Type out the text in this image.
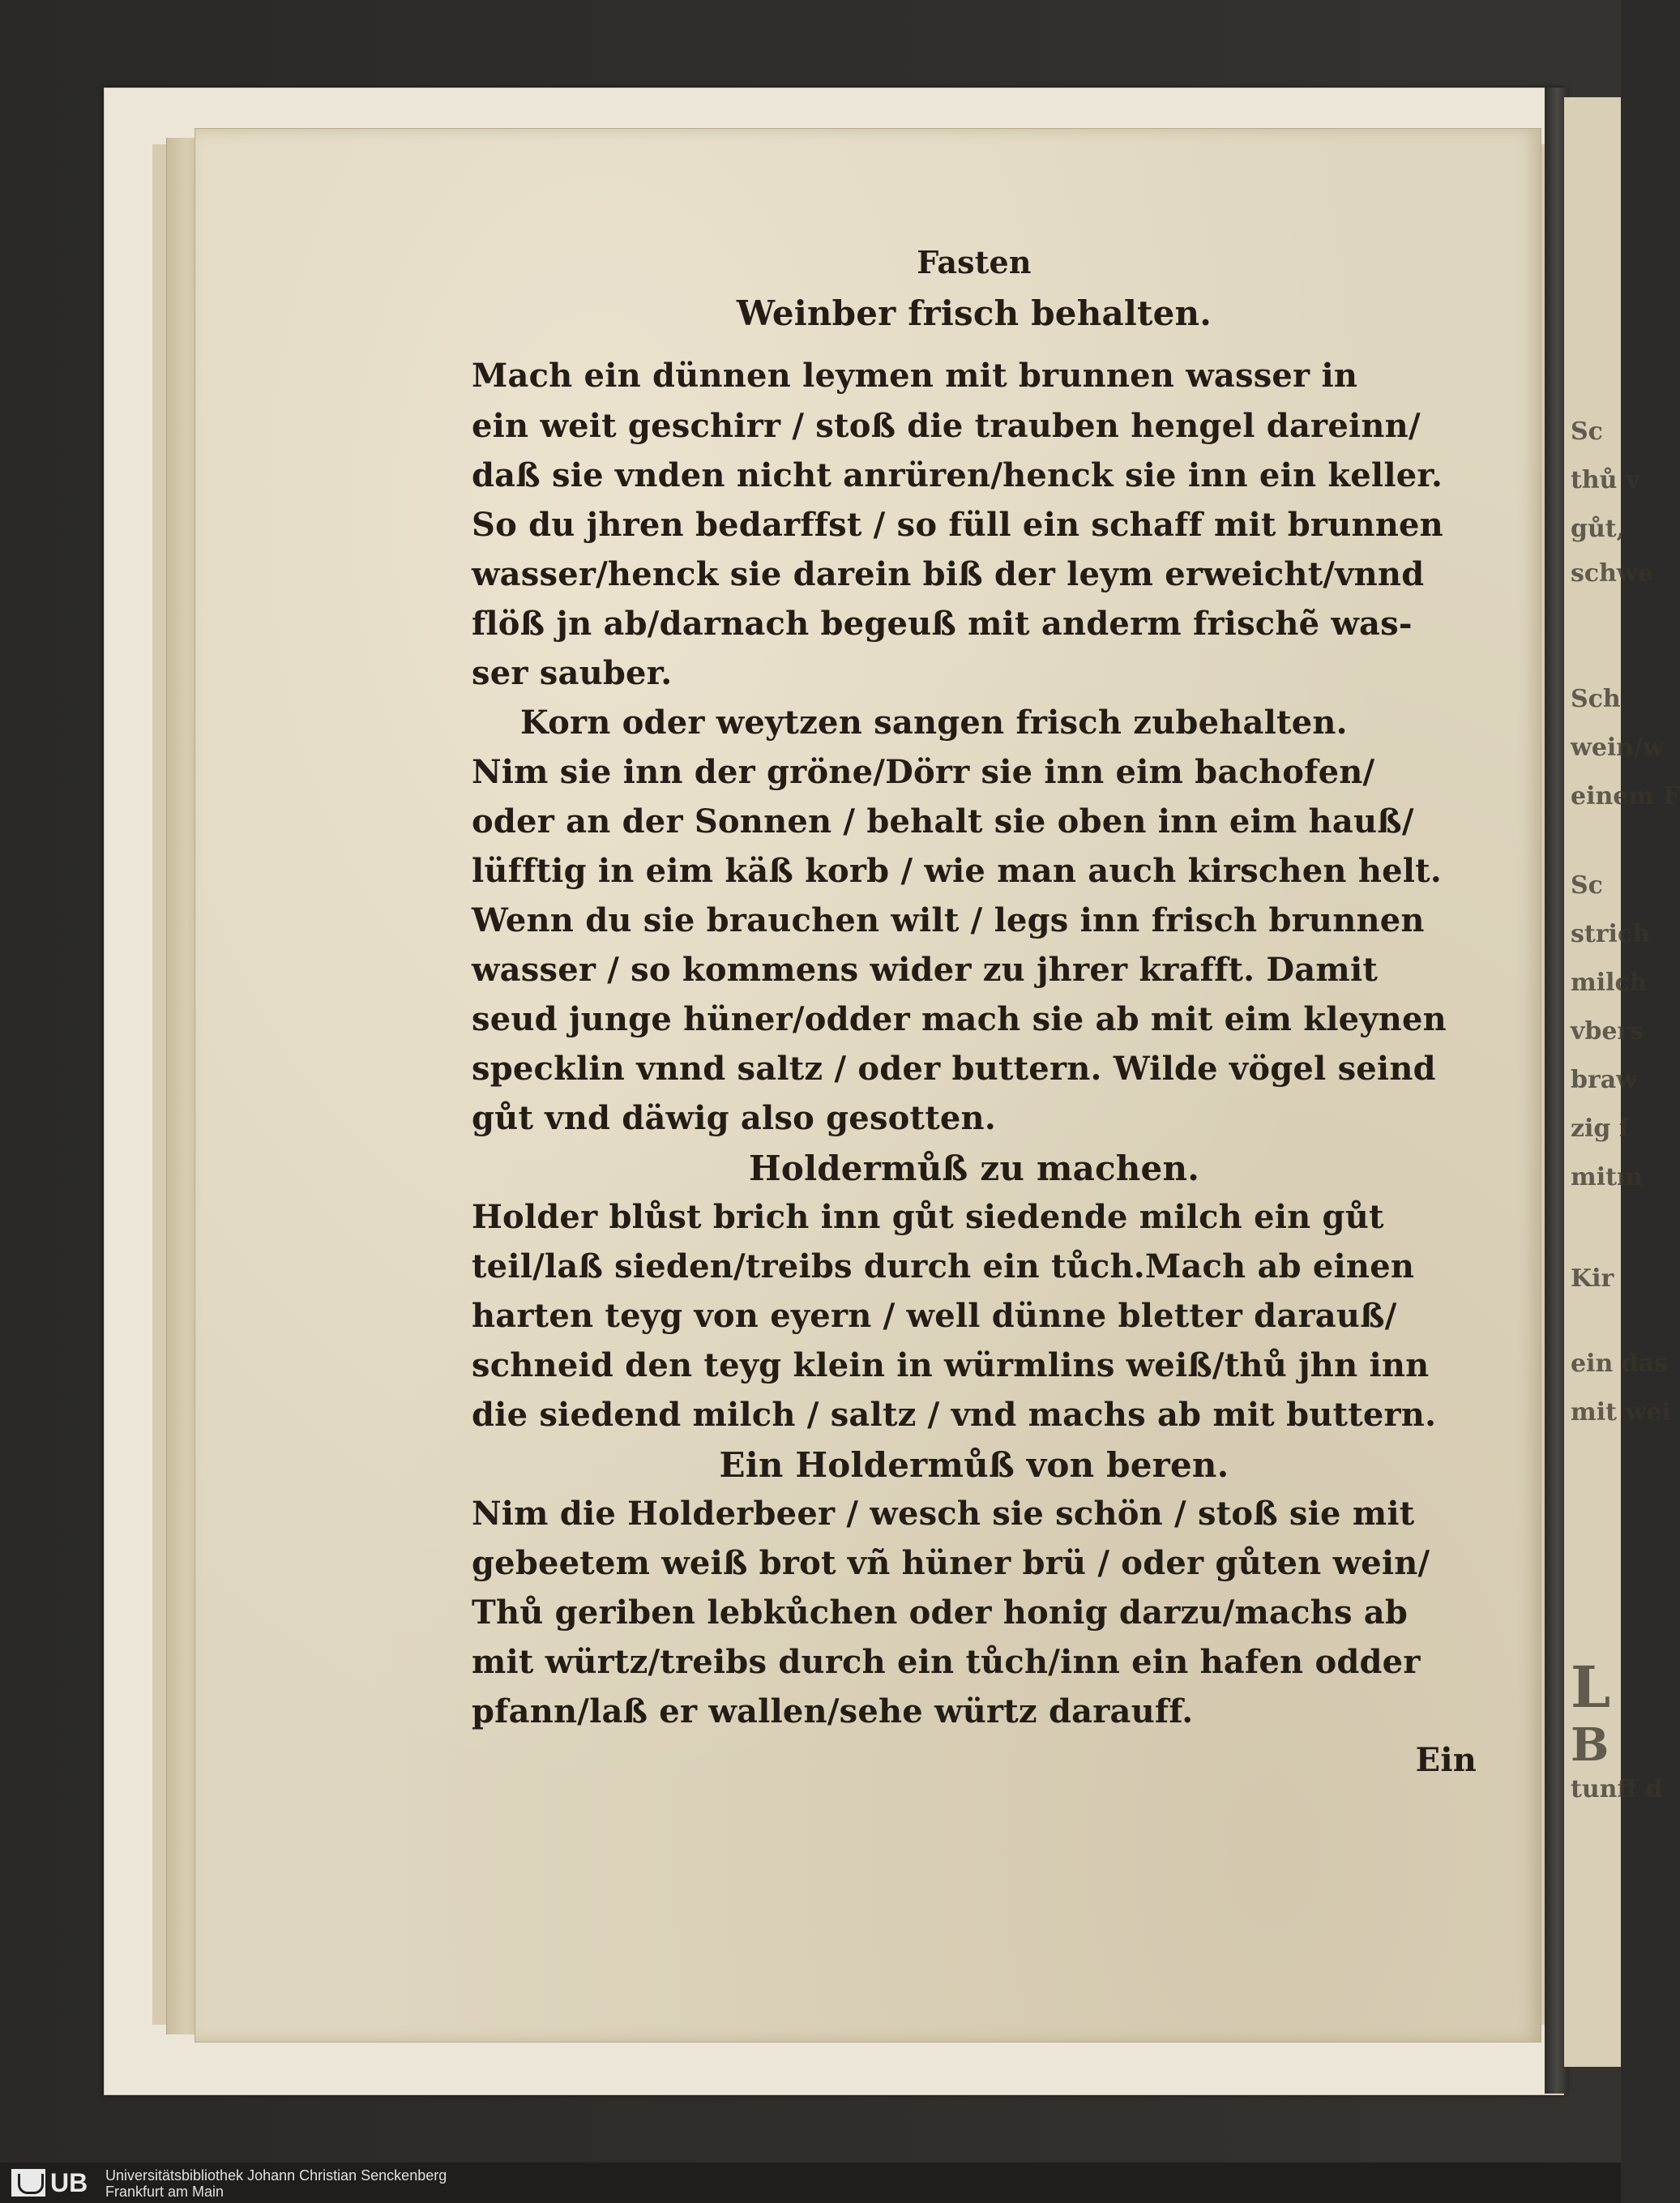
Sc
thů v
gůt,
schwe
Sch
wein/w
einem F
Sc
strich
milch
vbers
braw
zig ſ
mitm
Kir
ein das
mit wei
L
B
tunff d
Fasten
Weinber frisch behalten.
Mach ein dünnen leymen mit brunnen wasser in
ein weit geschirr / stoß die trauben hengel dareinn/
daß sie vnden nicht anrüren/henck sie inn ein keller.
So du jhren bedarffst / so füll ein schaff mit brunnen
wasser/henck sie darein biß der leym erweicht/vnnd
flöß jn ab/darnach begeuß mit anderm frischẽ was-
ser sauber.
Korn oder weytzen sangen frisch zubehalten.
Nim sie inn der gröne/Dörr sie inn eim bachofen/
oder an der Sonnen / behalt sie oben inn eim hauß/
lüfftig in eim käß korb / wie man auch kirschen helt.
Wenn du sie brauchen wilt / legs inn frisch brunnen
wasser / so kommens wider zu jhrer krafft. Damit
seud junge hüner/odder mach sie ab mit eim kleynen
specklin vnnd saltz / oder buttern. Wilde vögel seind
gůt vnd däwig also gesotten.
Holdermůß zu machen.
Holder blůst brich inn gůt siedende milch ein gůt
teil/laß sieden/treibs durch ein tůch.Mach ab einen
harten teyg von eyern / well dünne bletter darauß/
schneid den teyg klein in würmlins weiß/thů jhn inn
die siedend milch / saltz / vnd machs ab mit buttern.
Ein Holdermůß von beren.
Nim die Holderbeer / wesch sie schön / stoß sie mit
gebeetem weiß brot vñ hüner brü / oder gůten wein/
Thů geriben lebkůchen oder honig darzu/machs ab
mit würtz/treibs durch ein tůch/inn ein hafen odder
pfann/laß er wallen/sehe würtz darauff.
Ein
UB Universitätsbibliothek Johann Christian Senckenberg
Frankfurt am Main
